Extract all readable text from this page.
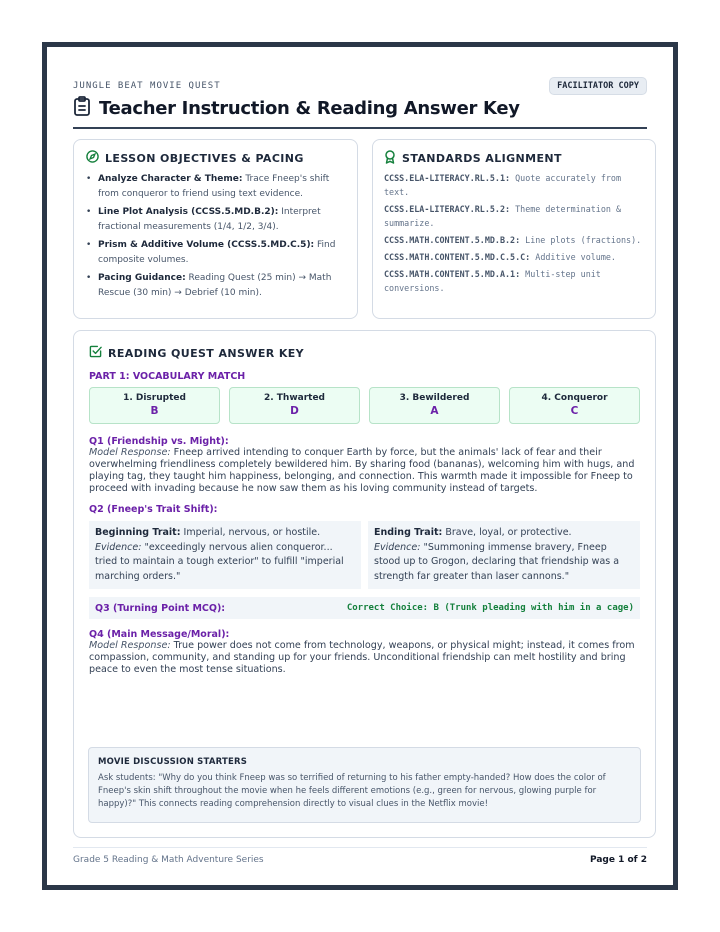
JUNGLE BEAT MOVIE QUEST	FACILITATOR COPY
Teacher Instruction & Reading Answer Key
LESSON OBJECTIVES & PACING
• Analyze Character & Theme: Trace Fneep's shift from conqueror to friend using text evidence.
• Line Plot Analysis (CCSS.5.MD.B.2): Interpret fractional measurements (1/4, 1/2, 3/4).
• Prism & Additive Volume (CCSS.5.MD.C.5): Find composite volumes.
• Pacing Guidance: Reading Quest (25 min) → Math Rescue (30 min) → Debrief (10 min).
STANDARDS ALIGNMENT
CCSS.ELA-LITERACY.RL.5.1: Quote accurately from text.
CCSS.ELA-LITERACY.RL.5.2: Theme determination & summarize.
CCSS.MATH.CONTENT.5.MD.B.2: Line plots (fractions).
CCSS.MATH.CONTENT.5.MD.C.5.C: Additive volume.
CCSS.MATH.CONTENT.5.MD.A.1: Multi-step unit conversions.
READING QUEST ANSWER KEY
PART 1: VOCABULARY MATCH
1. Disrupted
B
2. Thwarted
D
3. Bewildered
A
4. Conqueror
C
Q1 (Friendship vs. Might):
Model Response: Fneep arrived intending to conquer Earth by force, but the animals' lack of fear and their overwhelming friendliness completely bewildered him. By sharing food (bananas), welcoming him with hugs, and playing tag, they taught him happiness, belonging, and connection. This warmth made it impossible for Fneep to proceed with invading because he now saw them as his loving community instead of targets.
Q2 (Fneep's Trait Shift):
Beginning Trait: Imperial, nervous, or hostile.
Evidence: "exceedingly nervous alien conqueror... tried to maintain a tough exterior" to fulfill "imperial marching orders."
Ending Trait: Brave, loyal, or protective.
Evidence: "Summoning immense bravery, Fneep stood up to Grogon, declaring that friendship was a strength far greater than laser cannons."
Q3 (Turning Point MCQ):	Correct Choice: B (Trunk pleading with him in a cage)
Q4 (Main Message/Moral):
Model Response: True power does not come from technology, weapons, or physical might; instead, it comes from compassion, community, and standing up for your friends. Unconditional friendship can melt hostility and bring peace to even the most tense situations.
MOVIE DISCUSSION STARTERS
Ask students: "Why do you think Fneep was so terrified of returning to his father empty-handed? How does the color of Fneep's skin shift throughout the movie when he feels different emotions (e.g., green for nervous, glowing purple for happy)?" This connects reading comprehension directly to visual clues in the Netflix movie!
Grade 5 Reading & Math Adventure Series	Page 1 of 2
